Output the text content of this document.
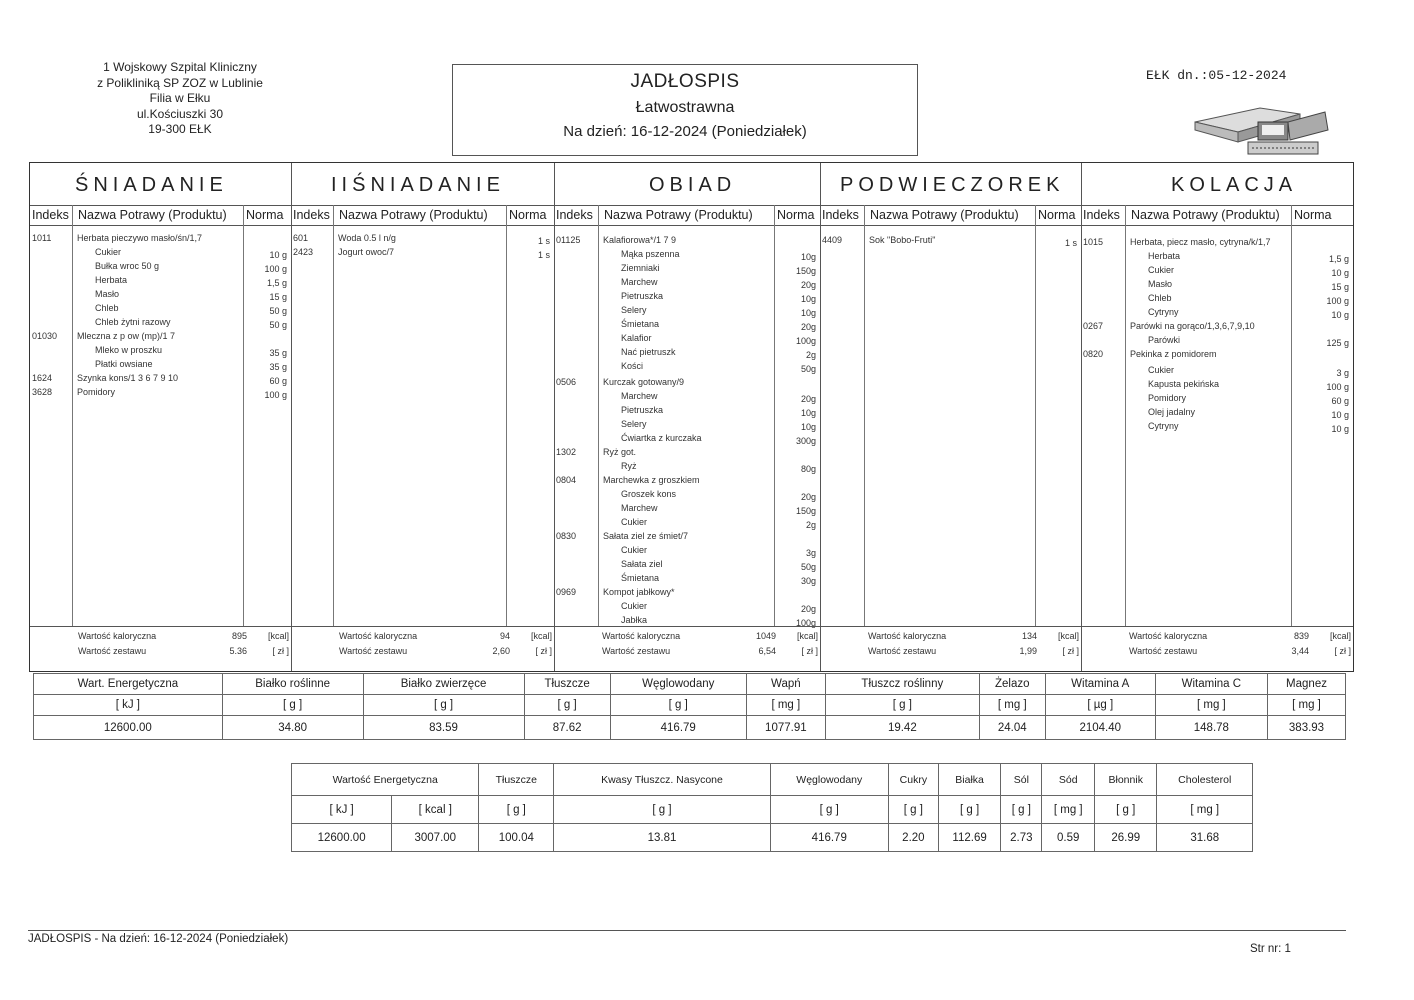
1 Wojskowy Szpital Kliniczny
z Polikliniką SP ZOZ w Lublinie
Filia w Ełku
ul.Kościuszki 30
19-300 EŁK
JADŁOSPIS
Łatwostrawna
Na dzień: 16-12-2024 (Poniedziałek)
EŁK dn.:05-12-2024
ŚNIADANIE
Indeks Nazwa Potrawy (Produktu) Norma
1011	Herbata pieczywo masło/śn/1,7
Cukier	10 g
Bułka wroc 50 g	100 g
Herbata	1,5 g
Masło	15 g
Chleb	50 g
Chleb żytni razowy	50 g
01030 Mleczna z p ow (mp)/1 7
Mleko w proszku	35 g
Płatki owsiane	35 g
1624	Szynka kons/1 3 6 7 9 10	60 g
3628	Pomidory	100 g
Wartość kaloryczna	895 [kcal]
Wartość zestawu	5.36	[ zł ]
IIŚNIADANIE
Indeks Nazwa Potrawy (Produktu) Norma
601	Woda 0.5 l n/g	1 s
2423	Jogurt owoc/7	1 s
Wartość kaloryczna	94 [kcal]
Wartość zestawu	2,60	[ zł ]
OBIAD
Indeks Nazwa Potrawy (Produktu) Norma
01125	Kalafiorowa*/1 7 9
Mąka pszenna	10g
Ziemniaki	150g
Marchew	20g
Pietruszka	10g
Selery	10g
Śmietana	20g
Kalafior	100g
Nać pietruszk	2g
Kości	50g
0506	Kurczak gotowany/9
Marchew	20g
Pietruszka	10g
Selery	10g
Ćwiartka z kurczaka	300g
1302	Ryż got.
Ryż	80g
0804	Marchewka z groszkiem
Groszek kons	20g
Marchew	150g
Cukier	2g
0830	Sałata ziel ze śmiet/7
Cukier	3g
Sałata ziel	50g
Śmietana	30g
0969	Kompot jabłkowy*
Cukier	20g
Jabłka	100g
Wartość kaloryczna	1049 [kcal]
Wartość zestawu	6,54	[ zł ]
PODWIECZOREK
Indeks Nazwa Potrawy (Produktu) Norma
4409	Sok "Bobo-Fruti"	1 s
Wartość kaloryczna	134 [kcal]
Wartość zestawu	1,99	[ zł ]
KOLACJA
Indeks Nazwa Potrawy (Produktu) Norma
1015	Herbata, piecz masło, cytryna/k/1,7
Herbata	1,5 g
Cukier	10 g
Masło	15 g
Chleb	100 g
Cytryny	10 g
0267	Parówki na gorąco/1,3,6,7,9,10
Parówki	125 g
0820	Pekinka z pomidorem
Cukier	3 g
Kapusta pekińska	100 g
Pomidory	60 g
Olej jadalny	10 g
Cytryny	10 g
Wartość kaloryczna	839 [kcal]
Wartość zestawu	3,44	[ zł ]
Wart. Energetyczna	Białko roślinne	Białko zwierzęce	Tłuszcze	Węglowodany	Wapń	Tłuszcz roślinny	Żelazo	Witamina A	Witamina C	Magnez
[ kJ ]	[ g ]	[ g ]	[ g ]	[ g ]	[ mg ]	[ g ]	[ mg ]	[ µg ]	[ mg ]	[ mg ]
12600.00	34.80	83.59	87.62	416.79	1077.91	19.42	24.04	2104.40	148.78	383.93
Wartość Energetyczna		Tłuszcze	Kwasy Tłuszcz. Nasycone	Węglowodany	Cukry	Białka	Sól	Sód	Błonnik	Cholesterol
[ kJ ]	[ kcal ]	[ g ]	[ g ]	[ g ]	[ g ]	[ g ]	[ g ]	[ mg ]	[ g ]	[ mg ]
12600.00	3007.00	100.04	13.81	416.79	2.20	112.69	2.73	0.59	26.99	31.68
JADŁOSPIS - Na dzień: 16-12-2024 (Poniedziałek)
Str nr: 1
